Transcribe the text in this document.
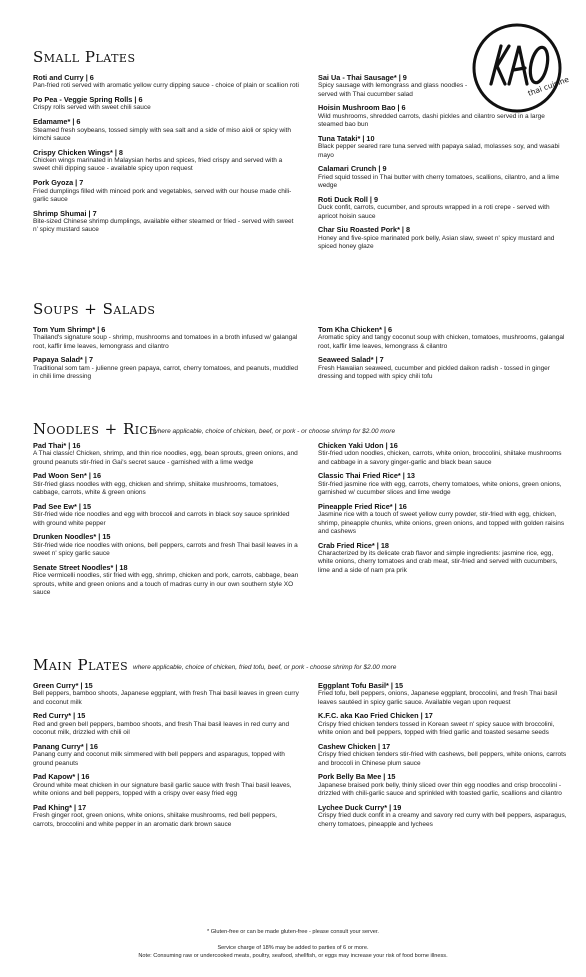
thai cuisine
Small Plates
Roti and Curry | 6
Pan-fried roti served with aromatic yellow curry dipping sauce - choice of plain or scallion roti
Po Pea - Veggie Spring Rolls | 6
Crispy rolls served with sweet chili sauce
Edamame* | 6
Steamed fresh soybeans, tossed simply with sea salt and a side of miso aioli or spicy with kimchi sauce
Crispy Chicken Wings* | 8
Chicken wings marinated in Malaysian herbs and spices, fried crispy and served with a sweet chili dipping sauce - available spicy upon request
Pork Gyoza | 7
Fried dumplings filled with minced pork and vegetables, served with our house made chili-garlic sauce
Shrimp Shumai | 7
Bite-sized Chinese shrimp dumplings, available either steamed or fried - served with sweet n' spicy mustard sauce
Sai Ua - Thai Sausage* | 9
Spicy sausage with lemongrass and glass noodles - served with Thai cucumber salad
Hoisin Mushroom Bao | 6
Wild mushrooms, shredded carrots, dashi pickles and cilantro served in a large steamed bao bun
Tuna Tataki* | 10
Black pepper seared rare tuna served with papaya salad, molasses soy, and wasabi mayo
Calamari Crunch | 9
Fried squid tossed in Thai butter with cherry tomatoes, scallions, cilantro, and a lime wedge
Roti Duck Roll | 9
Duck confit, carrots, cucumber, and sprouts wrapped in a roti crepe - served with apricot hoisin sauce
Char Siu Roasted Pork* | 8
Honey and five-spice marinated pork belly, Asian slaw, sweet n' spicy mustard and spiced honey glaze
Soups + Salads
Tom Yum Shrimp* | 6
Thailand's signature soup - shrimp, mushrooms and tomatoes in a broth infused w/ galangal root, kaffir lime leaves, lemongrass and cilantro
Papaya Salad* | 7
Traditional som tam - julienne green papaya, carrot, cherry tomatoes, and peanuts, muddled in chili lime dressing
Tom Kha Chicken* | 6
Aromatic spicy and tangy coconut soup with chicken, tomatoes, mushrooms, galangal root, kaffir lime leaves, lemongrass & cilantro
Seaweed Salad* | 7
Fresh Hawaiian seaweed, cucumber and pickled daikon radish - tossed in ginger dressing and topped with spicy chili tofu
Noodles + Rice
where applicable, choice of chicken, beef, or pork - or choose shrimp for $2.00 more
Pad Thai* | 16
A Thai classic! Chicken, shrimp, and thin rice noodles, egg, bean sprouts, green onions, and ground peanuts stir-fried in Gai's secret sauce - garnished with a lime wedge
Pad Woon Sen* | 16
Stir-fried glass noodles with egg, chicken and shrimp, shiitake mushrooms, tomatoes, cabbage, carrots, white & green onions
Pad See Ew* | 15
Stir-fried wide rice noodles and egg with broccoli and carrots in black soy sauce sprinkled with ground white pepper
Drunken Noodles* | 15
Stir-fried wide rice noodles with onions, bell peppers, carrots and fresh Thai basil leaves in a sweet n' spicy garlic sauce
Senate Street Noodles* | 18
Rice vermicelli noodles, stir fried with egg, shrimp, chicken and pork, carrots, cabbage, bean sprouts, white and green onions and a touch of madras curry in our own southern style XO sauce
Chicken Yaki Udon | 16
Stir-fried udon noodles, chicken, carrots, white onion, broccolini, shiitake mushrooms and cabbage in a savory ginger-garlic and black bean sauce
Classic Thai Fried Rice* | 13
Stir-fried jasmine rice with egg, carrots, cherry tomatoes, white onions, green onions, garnished w/ cucumber slices and lime wedge
Pineapple Fried Rice* | 16
Jasmine rice with a touch of sweet yellow curry powder, stir-fried with egg, chicken, shrimp, pineapple chunks, white onions, green onions, and topped with golden raisins and cashews
Crab Fried Rice* | 18
Characterized by its delicate crab flavor and simple ingredients: jasmine rice, egg, white onions, cherry tomatoes and crab meat, stir-fried and served with cucumbers, lime and a side of nam pra prik
Main Plates where applicable, choice of chicken, fried tofu, beef, or pork - choose shrimp for $2.00 more
Green Curry* | 15
Bell peppers, bamboo shoots, Japanese eggplant, with fresh Thai basil leaves in green curry and coconut milk
Red Curry* | 15
Red and green bell peppers, bamboo shoots, and fresh Thai basil leaves in red curry and coconut milk, drizzled with chili oil
Panang Curry* | 16
Panang curry and coconut milk simmered with bell peppers and asparagus, topped with ground peanuts
Pad Kapow* | 16
Ground white meat chicken in our signature basil garlic sauce with fresh Thai basil leaves, white onions and bell peppers, topped with a crispy over easy fried egg
Pad Khing* | 17
Fresh ginger root, green onions, white onions, shiitake mushrooms, red bell peppers, carrots, broccolini and white pepper in an aromatic dark brown sauce
Eggplant Tofu Basil* | 15
Fried tofu, bell peppers, onions, Japanese eggplant, broccolini, and fresh Thai basil leaves sautéed in spicy garlic sauce. Available vegan upon request
K.F.C. aka Kao Fried Chicken | 17
Crispy fried chicken tenders tossed in Korean sweet n' spicy sauce with broccolini, white onion and bell peppers, topped with fried garlic and toasted sesame seeds
Cashew Chicken | 17
Crispy fried chicken tenders stir-fried with cashews, bell peppers, white onions, carrots and broccoli in Chinese plum sauce
Pork Belly Ba Mee | 15
Japanese braised pork belly, thinly sliced over thin egg noodles and crisp broccolini - drizzled with chili-garlic sauce and sprinkled with toasted garlic, scallions and cilantro
Lychee Duck Curry* | 19
Crispy fried duck confit in a creamy and savory red curry with bell peppers, asparagus, cherry tomatoes, pineapple and lychees
* Gluten-free or can be made gluten-free - please consult your server.
Service charge of 18% may be added to parties of 6 or more.
Note: Consuming raw or undercooked meats, poultry, seafood, shellfish, or eggs may increase your risk of food borne illness.
